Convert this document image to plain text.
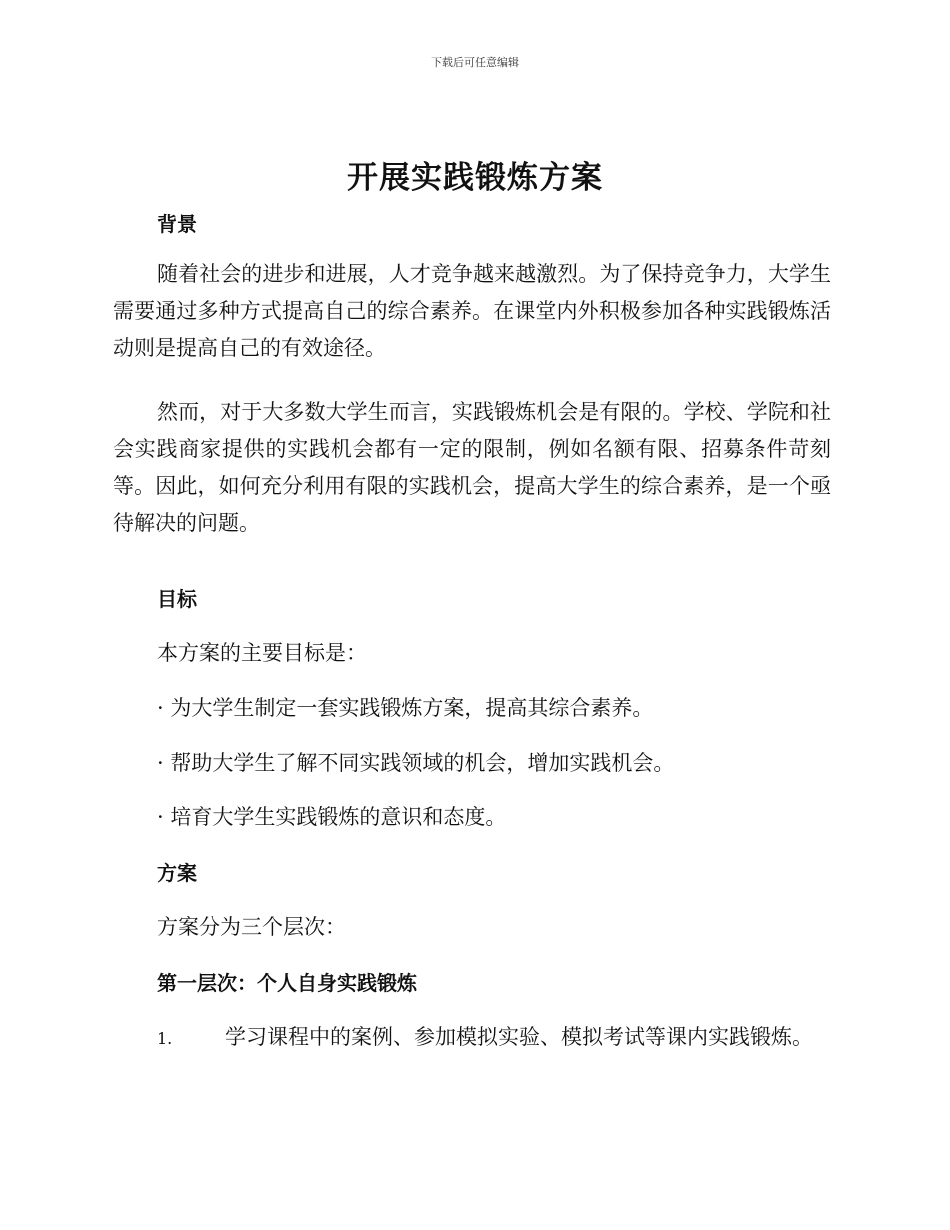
下载后可任意编辑
开展实践锻炼方案
背景
随着社会的进步和进展，人才竞争越来越激烈。为了保持竞争力，大学生需要通过多种方式提高自己的综合素养。在课堂内外积极参加各种实践锻炼活动则是提高自己的有效途径。
然而，对于大多数大学生而言，实践锻炼机会是有限的。学校、学院和社会实践商家提供的实践机会都有一定的限制，例如名额有限、招募条件苛刻等。因此，如何充分利用有限的实践机会，提高大学生的综合素养，是一个亟待解决的问题。
目标
本方案的主要目标是：
· 为大学生制定一套实践锻炼方案，提高其综合素养。
· 帮助大学生了解不同实践领域的机会，增加实践机会。
· 培育大学生实践锻炼的意识和态度。
方案
方案分为三个层次：
第一层次：个人自身实践锻炼
1.	学习课程中的案例、参加模拟实验、模拟考试等课内实践锻炼。
